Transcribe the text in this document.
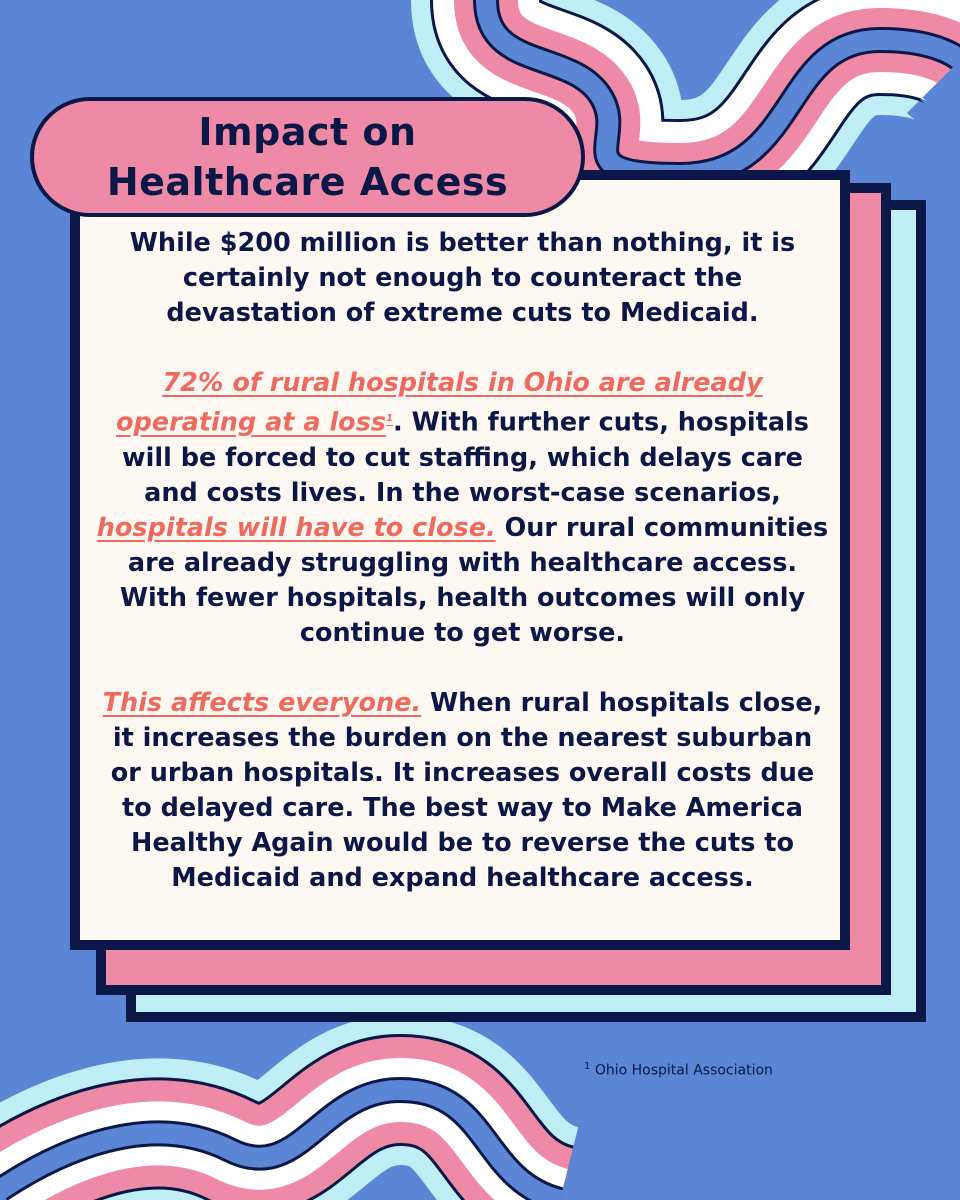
Impact on
Healthcare Access

While $200 million is better than nothing, it is certainly not enough to counteract the devastation of extreme cuts to Medicaid.

72% of rural hospitals in Ohio are already operating at a loss$^1$. With further cuts, hospitals will be forced to cut staffing, which delays care and costs lives. In the worst-case scenarios, hospitals will have to close. Our rural communities are already struggling with healthcare access. With fewer hospitals, health outcomes will only continue to get worse.

This affects everyone. When rural hospitals close, it increases the burden on the nearest suburban or urban hospitals. It increases overall costs due to delayed care. The best way to Make America Healthy Again would be to reverse the cuts to Medicaid and expand healthcare access.

$^1$ Ohio Hospital Association
